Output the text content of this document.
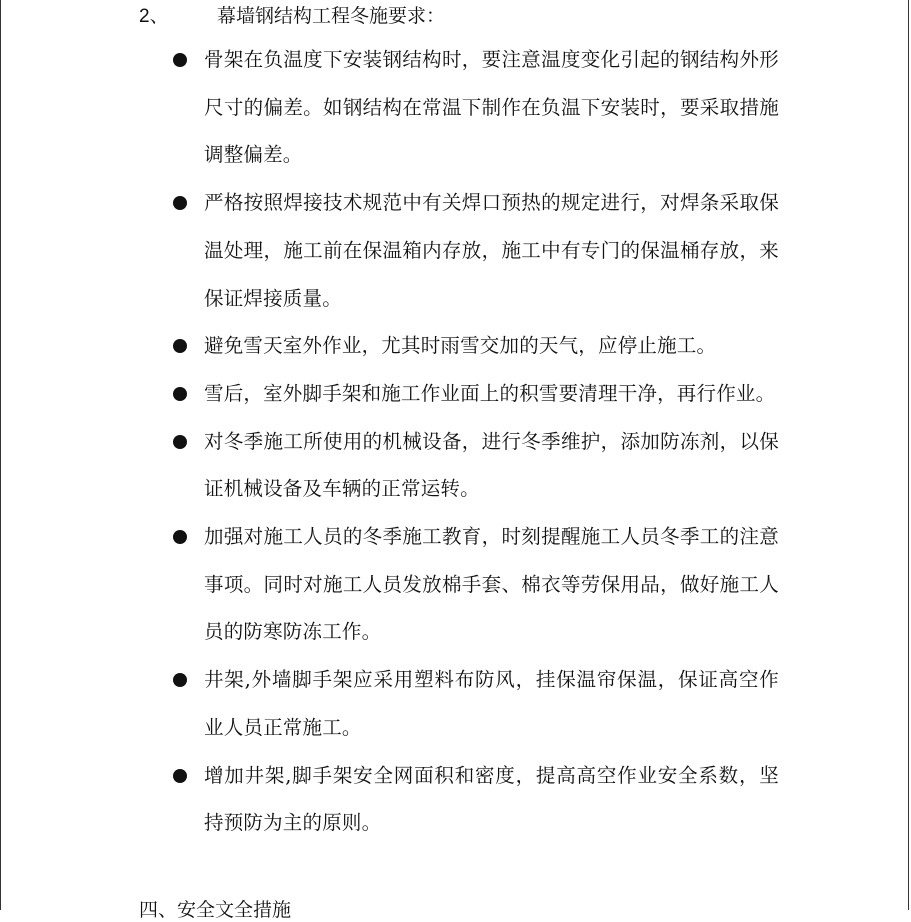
2、	幕墙钢结构工程冬施要求：
骨架在负温度下安装钢结构时，要注意温度变化引起的钢结构外形尺寸的偏差。如钢结构在常温下制作在负温下安装时，要采取措施调整偏差。
严格按照焊接技术规范中有关焊口预热的规定进行，对焊条采取保温处理，施工前在保温箱内存放，施工中有专门的保温桶存放，来保证焊接质量。
避免雪天室外作业，尤其时雨雪交加的天气，应停止施工。
雪后，室外脚手架和施工作业面上的积雪要清理干净，再行作业。
对冬季施工所使用的机械设备，进行冬季维护，添加防冻剂，以保证机械设备及车辆的正常运转。
加强对施工人员的冬季施工教育，时刻提醒施工人员冬季工的注意事项。同时对施工人员发放棉手套、棉衣等劳保用品，做好施工人员的防寒防冻工作。
井架,外墙脚手架应采用塑料布防风，挂保温帘保温，保证高空作业人员正常施工。
增加井架,脚手架安全网面积和密度，提高高空作业安全系数，坚持预防为主的原则。
四、安全文全措施
